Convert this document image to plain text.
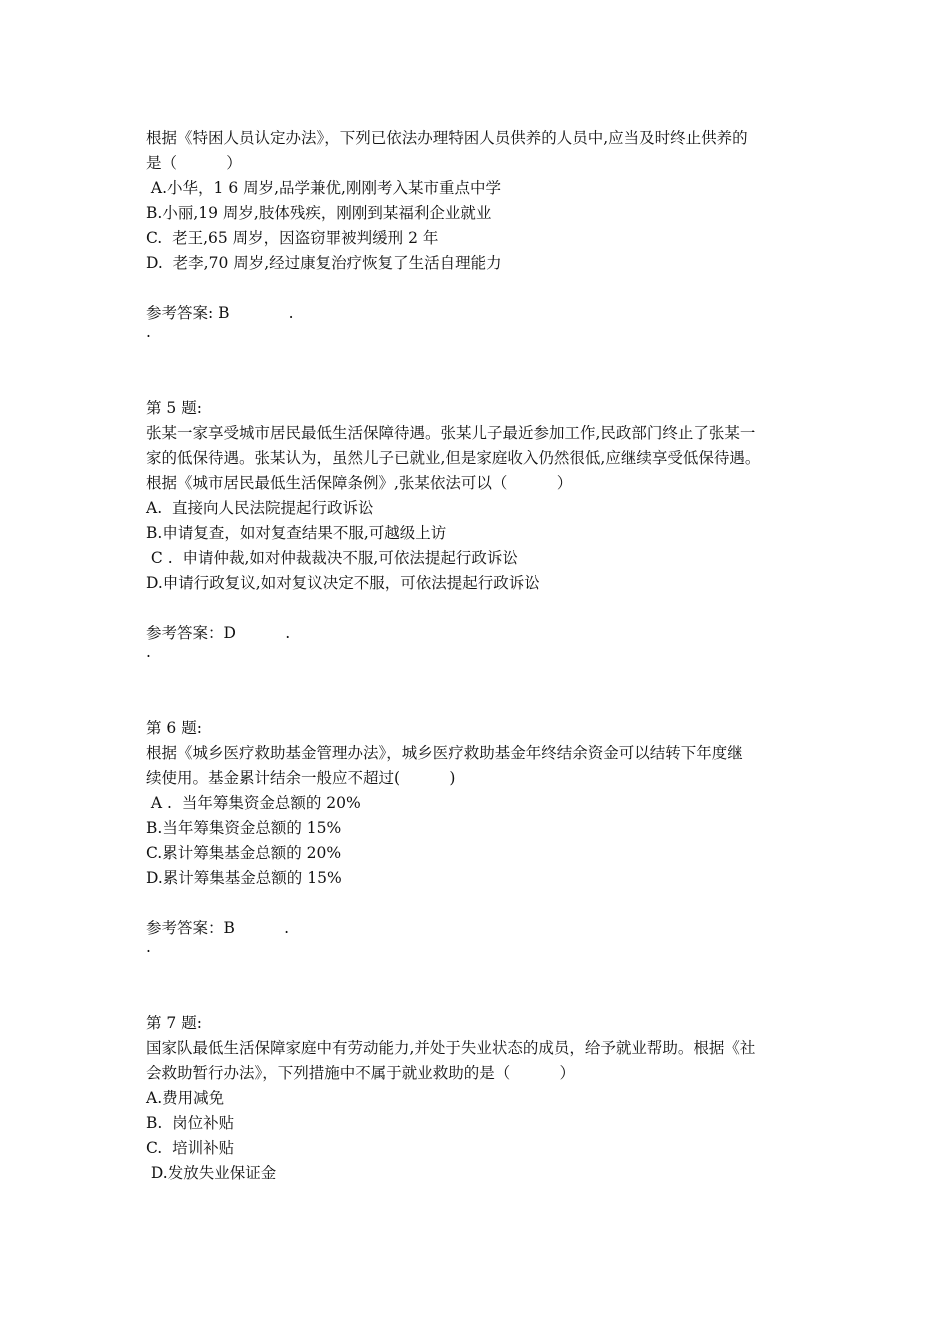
根据《特困人员认定办法》，下列已依法办理特困人员供养的人员中,应当及时终止供养的
是（          ）
A.小华，1 6 周岁,品学兼优,刚刚考入某市重点中学
B.小丽,19 周岁,肢体残疾，刚刚到某福利企业就业
C.  老王,65 周岁，因盗窃罪被判缓刑 2 年
D.  老李,70 周岁,经过康复治疗恢复了生活自理能力
参考答案: B            .
.
第 5 题:
张某一家享受城市居民最低生活保障待遇。张某儿子最近参加工作,民政部门终止了张某一
家的低保待遇。张某认为，虽然儿子已就业,但是家庭收入仍然很低,应继续享受低保待遇。
根据《城市居民最低生活保障条例》,张某依法可以（          ）
A.  直接向人民法院提起行政诉讼
B.申请复查，如对复查结果不服,可越级上访
C .  申请仲裁,如对仲裁裁决不服,可依法提起行政诉讼
D.申请行政复议,如对复议决定不服，可依法提起行政诉讼
参考答案：D          .
.
第 6 题:
根据《城乡医疗救助基金管理办法》，城乡医疗救助基金年终结余资金可以结转下年度继
续使用。基金累计结余一般应不超过(          )
A .  当年筹集资金总额的 20%
B.当年筹集资金总额的 15%
C.累计筹集基金总额的 20%
D.累计筹集基金总额的 15%
参考答案：B          .
.
第 7 题:
国家队最低生活保障家庭中有劳动能力,并处于失业状态的成员，给予就业帮助。根据《社
会救助暂行办法》，下列措施中不属于就业救助的是（          ）
A.费用减免
B.  岗位补贴
C.  培训补贴
D.发放失业保证金
